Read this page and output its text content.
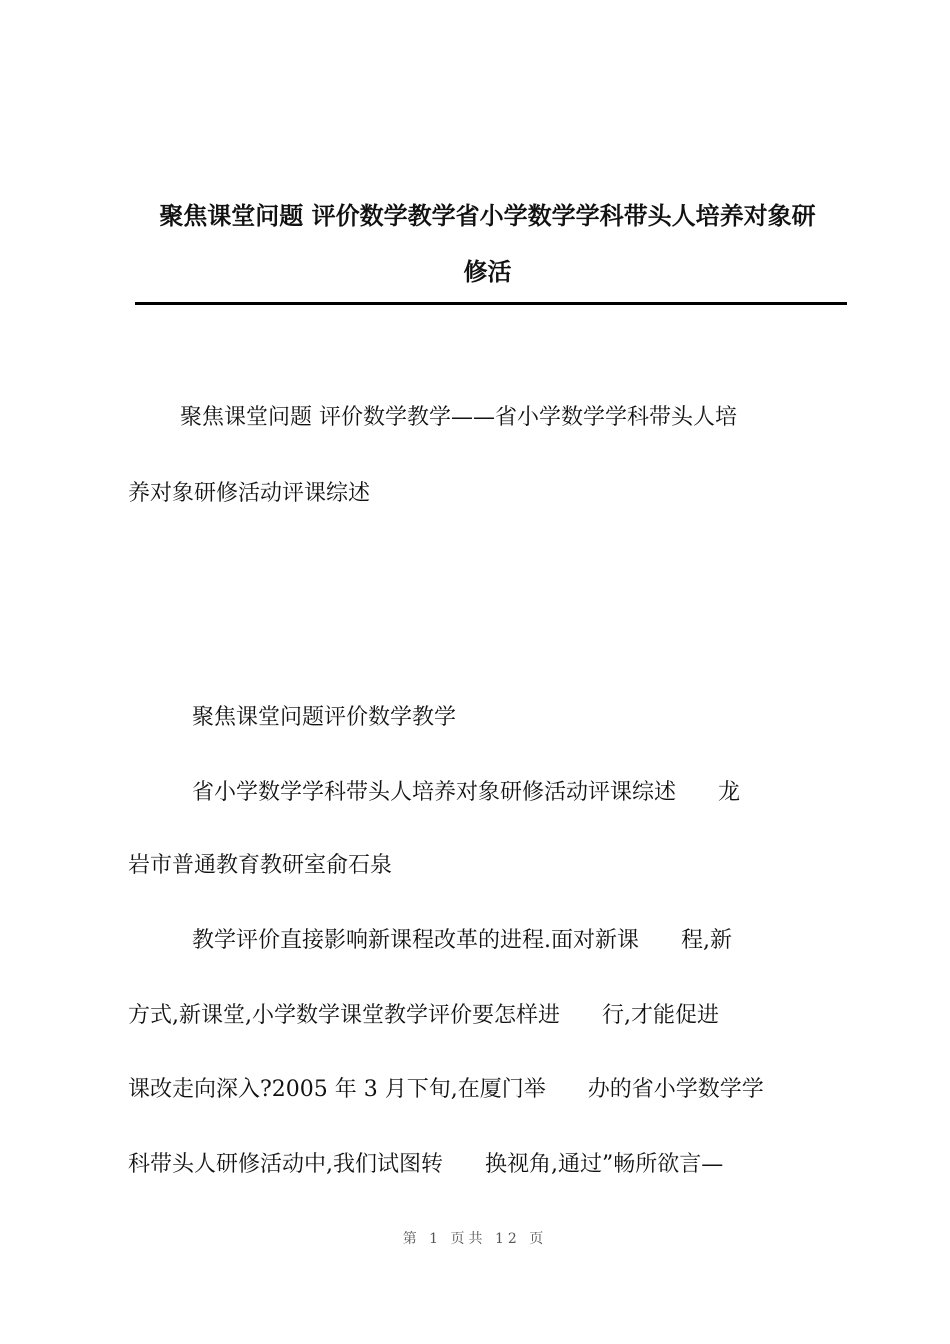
聚焦课堂问题 评价数学教学省小学数学学科带头人培养对象研
修活

聚焦课堂问题 评价数学教学——省小学数学学科带头人培

养对象研修活动评课综述

聚焦课堂问题评价数学教学

省小学数学学科带头人培养对象研修活动评课综述      龙

岩市普通教育教研室俞石泉

教学评价直接影响新课程改革的进程.面对新课      程,新

方式,新课堂,小学数学课堂教学评价要怎样进      行,才能促进

课改走向深入?2005 年 3 月下旬,在厦门举      办的省小学数学学

科带头人研修活动中,我们试图转      换视角,通过”畅所欲言—

第 1 页共 12 页
